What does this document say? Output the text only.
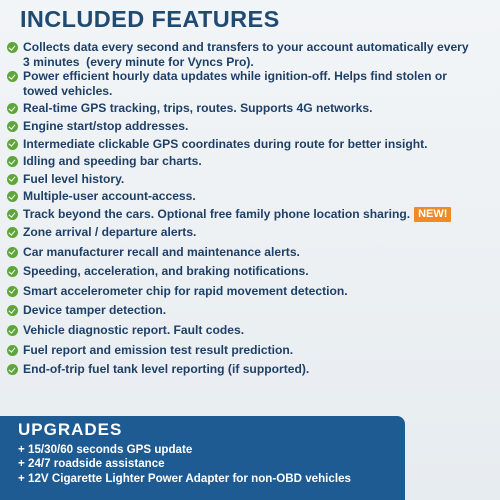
INCLUDED FEATURES
Collects data every second and transfers to your account automatically every
3 minutes  (every minute for Vyncs Pro).
Power efficient hourly data updates while ignition-off. Helps find stolen or
towed vehicles.
Real-time GPS tracking, trips, routes. Supports 4G networks.
Engine start/stop addresses.
Intermediate clickable GPS coordinates during route for better insight.
Idling and speeding bar charts.
Fuel level history.
Multiple-user account-access.
Track beyond the cars. Optional free family phone location sharing. NEW!
Zone arrival / departure alerts.
Car manufacturer recall and maintenance alerts.
Speeding, acceleration, and braking notifications.
Smart accelerometer chip for rapid movement detection.
Device tamper detection.
Vehicle diagnostic report. Fault codes.
Fuel report and emission test result prediction.
End-of-trip fuel tank level reporting (if supported).
UPGRADES
+ 15/30/60 seconds GPS update
+ 24/7 roadside assistance
+ 12V Cigarette Lighter Power Adapter for non-OBD vehicles
